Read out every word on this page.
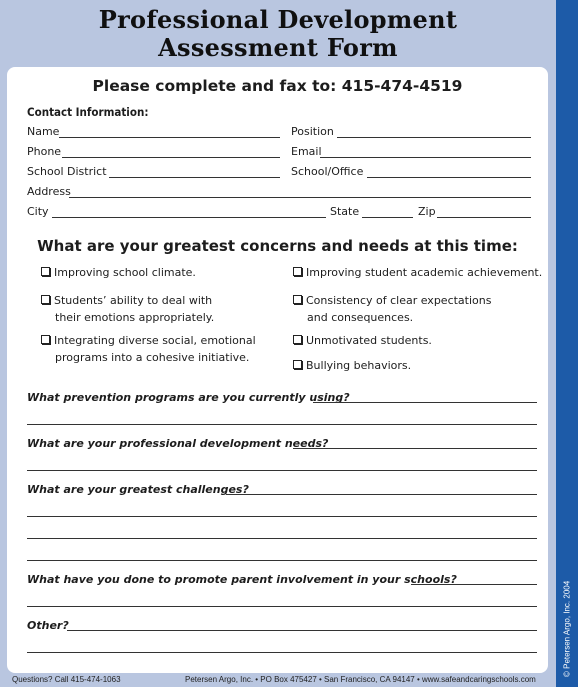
Professional Development
Assessment Form
© Petersen Argo, Inc. 2004
Please complete and fax to: 415-474-4519
Contact Information:
Name	Position
Phone	Email
School District	School/Office
Address
City	State	Zip
What are your greatest concerns and needs at this time:
Improving school climate.
Students’ ability to deal with
their emotions appropriately.
Integrating diverse social, emotional
programs into a cohesive initiative.
Improving student academic achievement.
Consistency of clear expectations
and consequences.
Unmotivated students.
Bullying behaviors.
What prevention programs are you currently using?
What are your professional development needs?
What are your greatest challenges?
What have you done to promote parent involvement in your schools?
Other?
Questions? Call 415-474-1063	Petersen Argo, Inc. • PO Box 475427 • San Francisco, CA 94147 • www.safeandcaringschools.com
